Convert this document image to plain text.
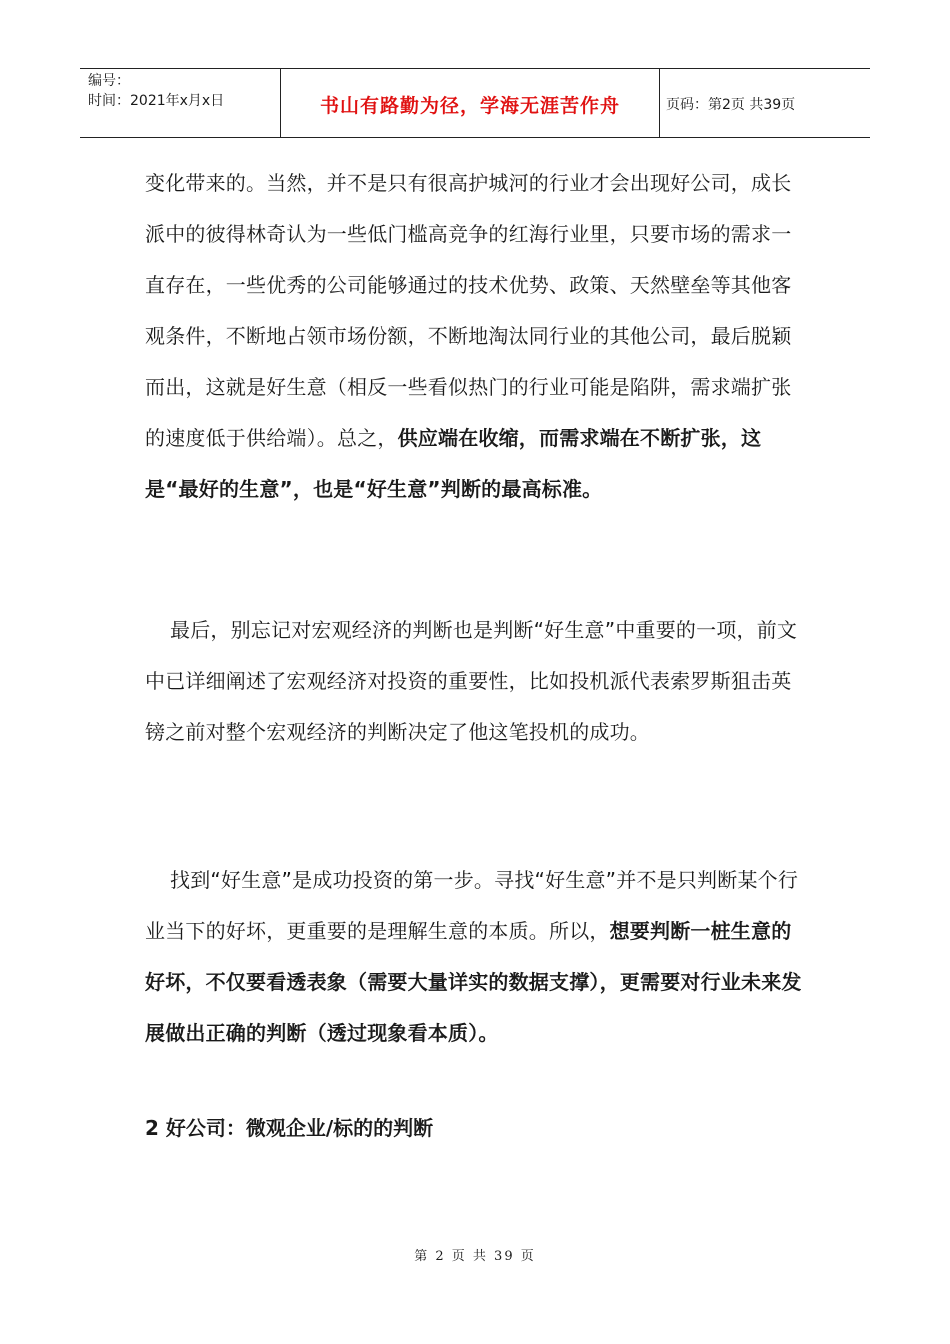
编号：
时间：2021年x月x日	书山有路勤为径，学海无涯苦作舟	页码：第2页 共39页

变化带来的。当然，并不是只有很高护城河的行业才会出现好公司，成长派中的彼得林奇认为一些低门槛高竞争的红海行业里，只要市场的需求一直存在，一些优秀的公司能够通过的技术优势、政策、天然壁垒等其他客观条件，不断地占领市场份额，不断地淘汰同行业的其他公司，最后脱颖而出，这就是好生意（相反一些看似热门的行业可能是陷阱，需求端扩张的速度低于供给端）。总之，供应端在收缩，而需求端在不断扩张，这是“最好的生意”，也是“好生意”判断的最高标准。

最后，别忘记对宏观经济的判断也是判断“好生意”中重要的一项，前文中已详细阐述了宏观经济对投资的重要性，比如投机派代表索罗斯狙击英镑之前对整个宏观经济的判断决定了他这笔投机的成功。

找到“好生意”是成功投资的第一步。寻找“好生意”并不是只判断某个行业当下的好坏，更重要的是理解生意的本质。所以，想要判断一桩生意的好坏，不仅要看透表象（需要大量详实的数据支撑），更需要对行业未来发展做出正确的判断（透过现象看本质）。

2 好公司：微观企业/标的的判断

第 2 页 共 39 页
